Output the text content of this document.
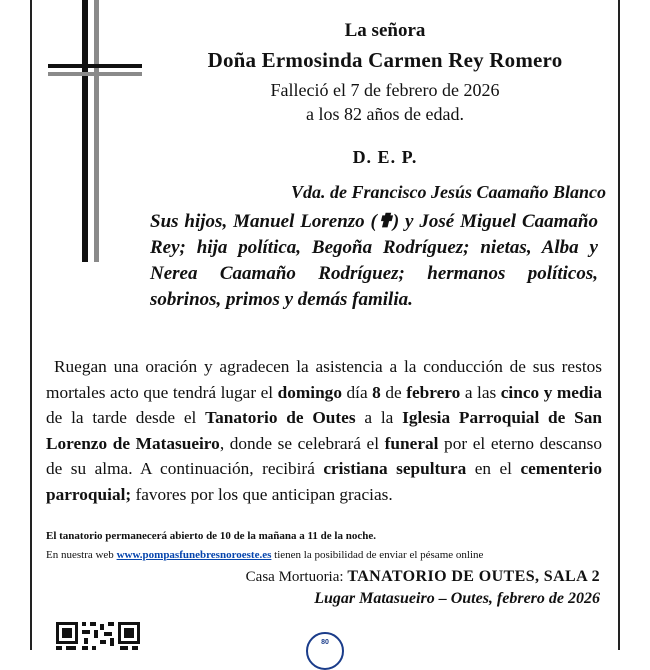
La señora
Doña Ermosinda Carmen Rey Romero
Falleció el 7 de febrero de 2026
a los 82 años de edad.
D. E. P.
Vda. de Francisco Jesús Caamaño Blanco
Sus hijos, Manuel Lorenzo (✟) y José Miguel Caamaño Rey; hija política, Begoña Rodríguez; nietas, Alba y Nerea Caamaño Rodríguez; hermanos políticos, sobrinos, primos y demás familia.
Ruegan una oración y agradecen la asistencia a la conducción de sus restos mortales acto que tendrá lugar el domingo día 8 de febrero a las cinco y media de la tarde desde el Tanatorio de Outes a la Iglesia Parroquial de San Lorenzo de Matasueiro, donde se celebrará el funeral por el eterno descanso de su alma. A continuación, recibirá cristiana sepultura en el cementerio parroquial; favores por los que anticipan gracias.
El tanatorio permanecerá abierto de 10 de la mañana a 11 de la noche.
En nuestra web www.pompasfunebresnoroeste.es tienen la posibilidad de enviar el pésame online
Casa Mortuoria: TANATORIO DE OUTES, SALA 2
Lugar Matasueiro – Outes, febrero de 2026
80
